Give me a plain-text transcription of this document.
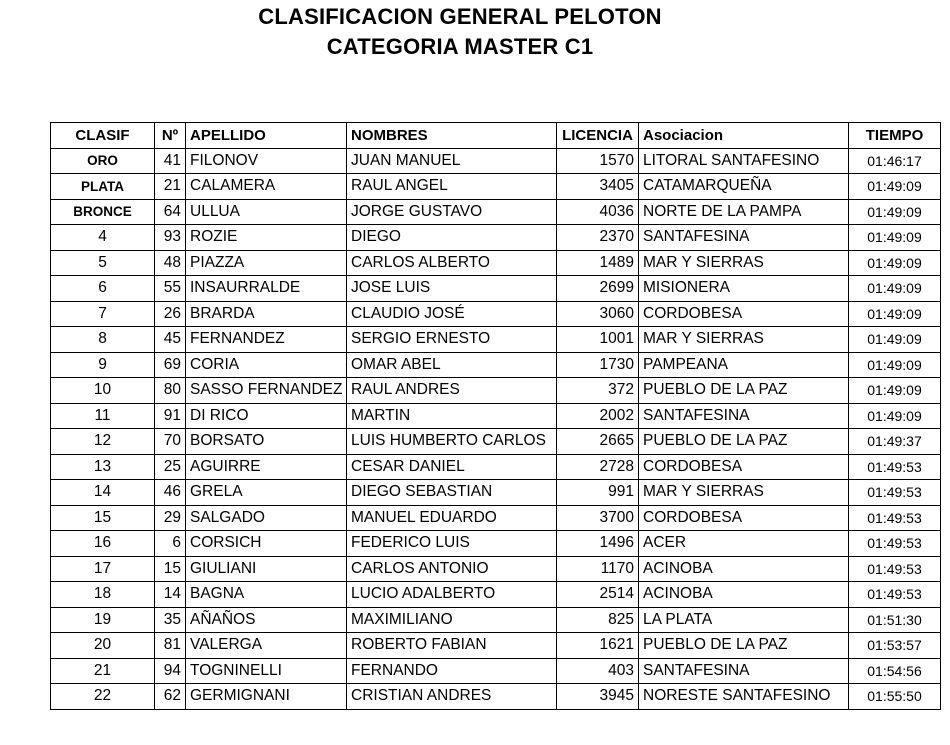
CLASIFICACION GENERAL PELOTON
CATEGORIA MASTER C1
CLASIF	Nº	APELLIDO	NOMBRES	LICENCIA	Asociacion	TIEMPO
ORO	41	FILONOV	JUAN MANUEL	1570	LITORAL SANTAFESINO	01:46:17
PLATA	21	CALAMERA	RAUL ANGEL	3405	CATAMARQUEÑA	01:49:09
BRONCE	64	ULLUA	JORGE GUSTAVO	4036	NORTE DE LA PAMPA	01:49:09
4	93	ROZIE	DIEGO	2370	SANTAFESINA	01:49:09
5	48	PIAZZA	CARLOS ALBERTO	1489	MAR Y SIERRAS	01:49:09
6	55	INSAURRALDE	JOSE LUIS	2699	MISIONERA	01:49:09
7	26	BRARDA	CLAUDIO JOSÉ	3060	CORDOBESA	01:49:09
8	45	FERNANDEZ	SERGIO ERNESTO	1001	MAR Y SIERRAS	01:49:09
9	69	CORIA	OMAR ABEL	1730	PAMPEANA	01:49:09
10	80	SASSO FERNANDEZ	RAUL ANDRES	372	PUEBLO DE LA PAZ	01:49:09
11	91	DI RICO	MARTIN	2002	SANTAFESINA	01:49:09
12	70	BORSATO	LUIS HUMBERTO CARLOS	2665	PUEBLO DE LA PAZ	01:49:37
13	25	AGUIRRE	CESAR DANIEL	2728	CORDOBESA	01:49:53
14	46	GRELA	DIEGO SEBASTIAN	991	MAR Y SIERRAS	01:49:53
15	29	SALGADO	MANUEL EDUARDO	3700	CORDOBESA	01:49:53
16	6	CORSICH	FEDERICO LUIS	1496	ACER	01:49:53
17	15	GIULIANI	CARLOS ANTONIO	1170	ACINOBA	01:49:53
18	14	BAGNA	LUCIO ADALBERTO	2514	ACINOBA	01:49:53
19	35	AÑAÑOS	MAXIMILIANO	825	LA PLATA	01:51:30
20	81	VALERGA	ROBERTO FABIAN	1621	PUEBLO DE LA PAZ	01:53:57
21	94	TOGNINELLI	FERNANDO	403	SANTAFESINA	01:54:56
22	62	GERMIGNANI	CRISTIAN ANDRES	3945	NORESTE SANTAFESINO	01:55:50
